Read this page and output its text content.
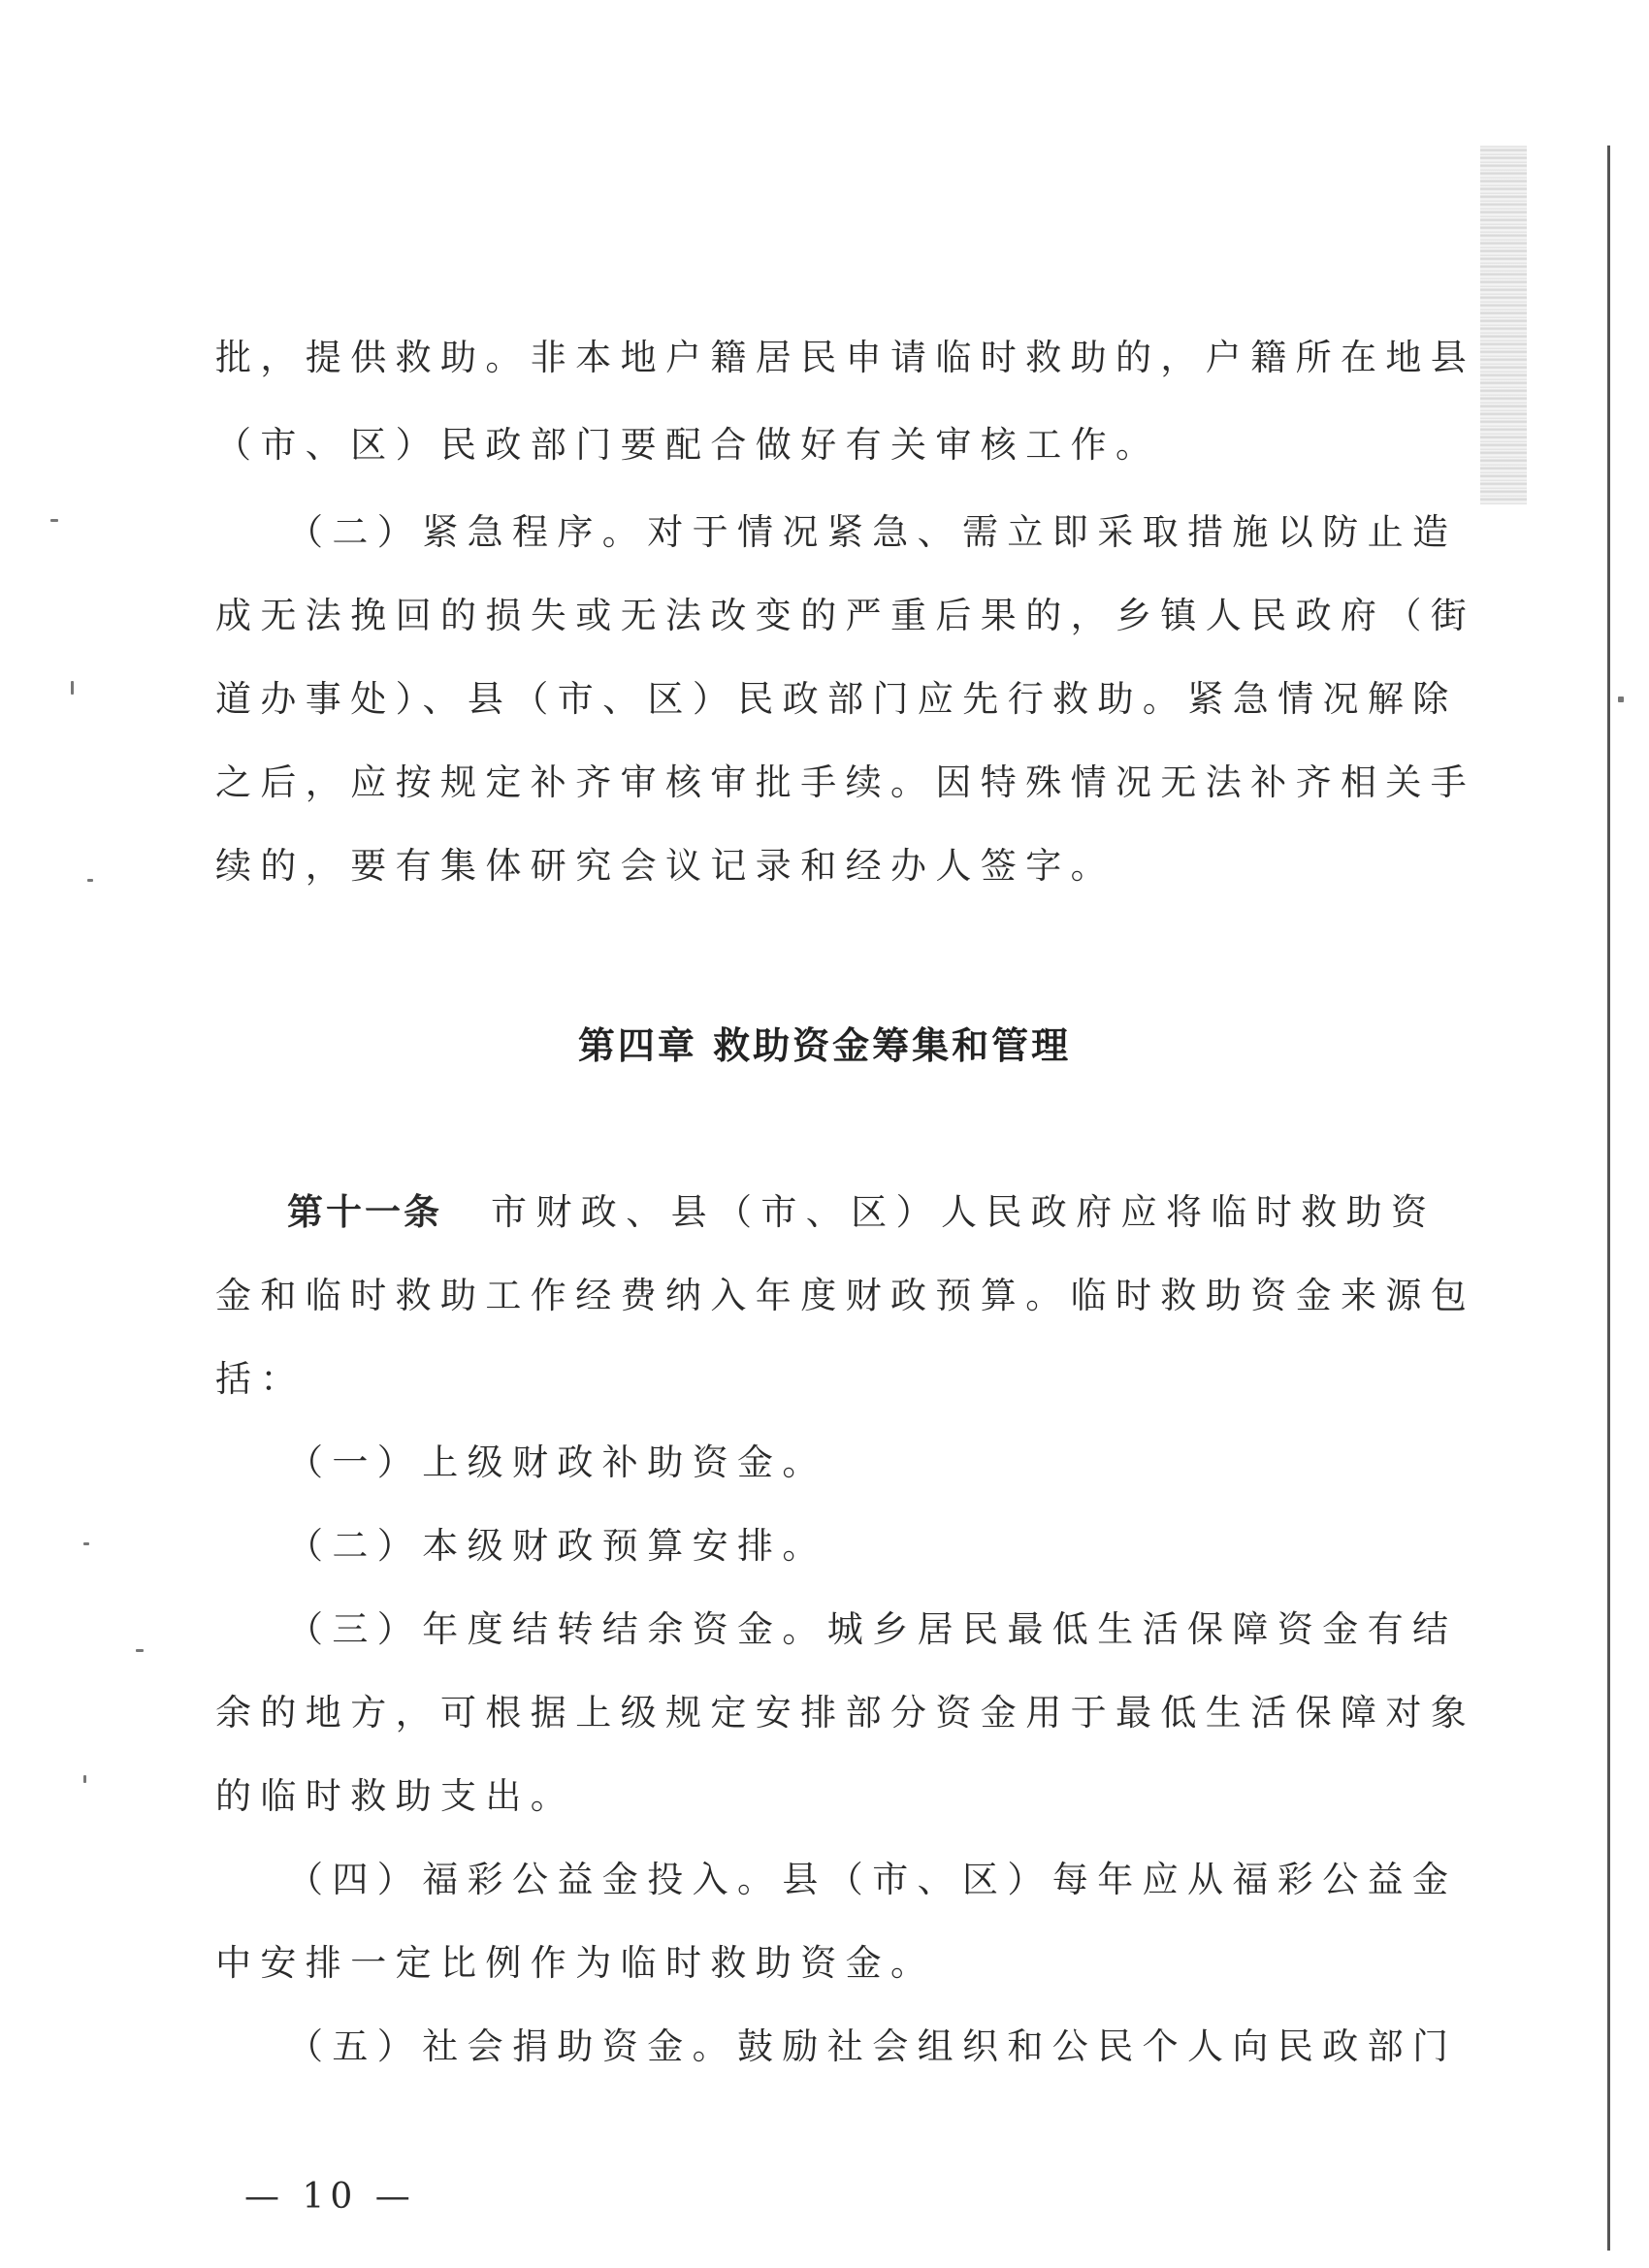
批，提供救助。非本地户籍居民申请临时救助的，户籍所在地县
（市、区）民政部门要配合做好有关审核工作。
（二）紧急程序。对于情况紧急、需立即采取措施以防止造
成无法挽回的损失或无法改变的严重后果的，乡镇人民政府（街
道办事处）、县（市、区）民政部门应先行救助。紧急情况解除
之后，应按规定补齐审核审批手续。因特殊情况无法补齐相关手
续的，要有集体研究会议记录和经办人签字。
第四章 救助资金筹集和管理
第十一条 市财政、县（市、区）人民政府应将临时救助资
金和临时救助工作经费纳入年度财政预算。临时救助资金来源包
括：
（一）上级财政补助资金。
（二）本级财政预算安排。
（三）年度结转结余资金。城乡居民最低生活保障资金有结
余的地方，可根据上级规定安排部分资金用于最低生活保障对象
的临时救助支出。
（四）福彩公益金投入。县（市、区）每年应从福彩公益金
中安排一定比例作为临时救助资金。
（五）社会捐助资金。鼓励社会组织和公民个人向民政部门
— 10 —
